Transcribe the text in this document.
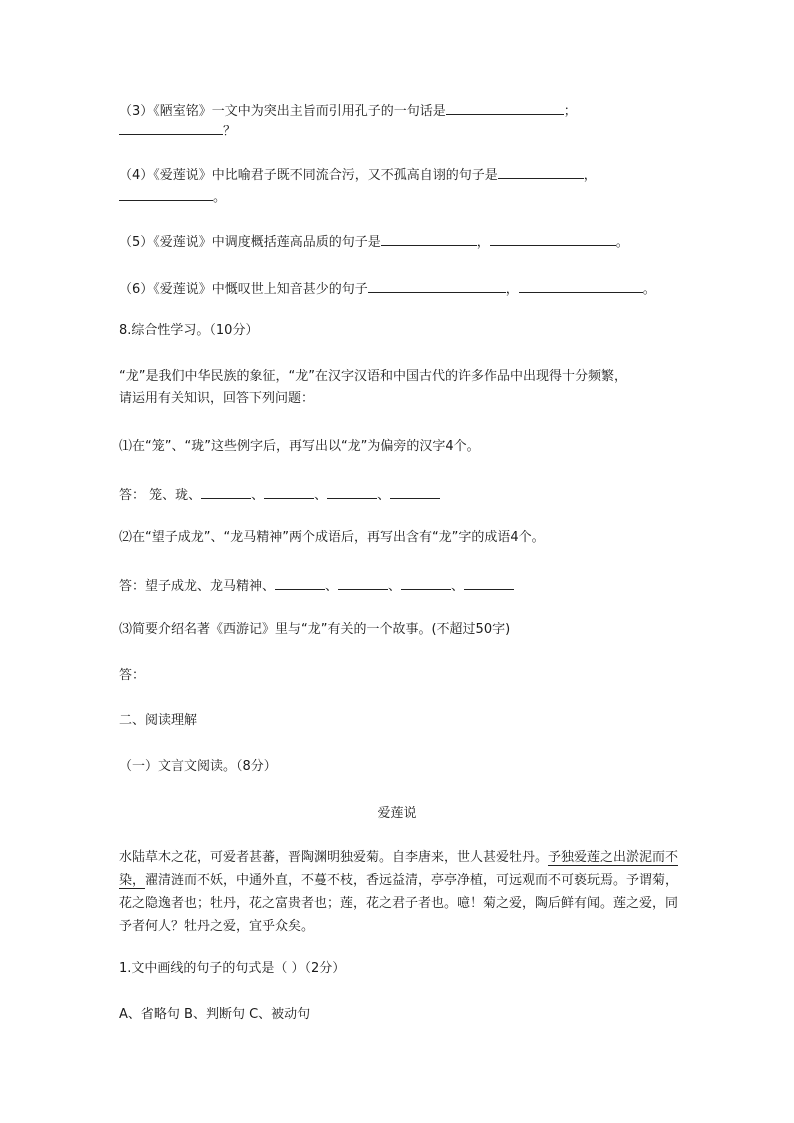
（3）《陋室铭》一文中为突出主旨而引用孔子的一句话是	；
？
（4）《爱莲说》中比喻君子既不同流合污，又不孤高自诩的句子是	，
。
（5）《爱莲说》中调度概括莲高品质的句子是	，	。
（6）《爱莲说》中慨叹世上知音甚少的句子	，	。
8.综合性学习。（10分）
“龙”是我们中华民族的象征，“龙”在汉字汉语和中国古代的许多作品中出现得十分频繁，
请运用有关知识，回答下列问题：
⑴在“笼”、“珑”这些例字后，再写出以“龙”为偏旁的汉字4个。
答： 笼、珑、	、	、	、
⑵在“望子成龙”、“龙马精神”两个成语后，再写出含有“龙”字的成语4个。
答：望子成龙、龙马精神、	、	、	、
⑶简要介绍名著《西游记》里与“龙”有关的一个故事。(不超过50字)
答：
二、阅读理解
（一）文言文阅读。（8分）
爱莲说
水陆草木之花，可爱者甚蕃，晋陶渊明独爱菊。自李唐来，世人甚爱牡丹。予独爱莲之出淤泥而不染，濯清涟而不妖，中通外直，不蔓不枝，香远益清，亭亭净植，可远观而不可亵玩焉。予谓菊，花之隐逸者也；牡丹，花之富贵者也；莲，花之君子者也。噫！菊之爱，陶后鲜有闻。莲之爱，同予者何人？牡丹之爱，宜乎众矣。
1.文中画线的句子的句式是（ ）（2分）
A、省略句 B、判断句 C、被动句
